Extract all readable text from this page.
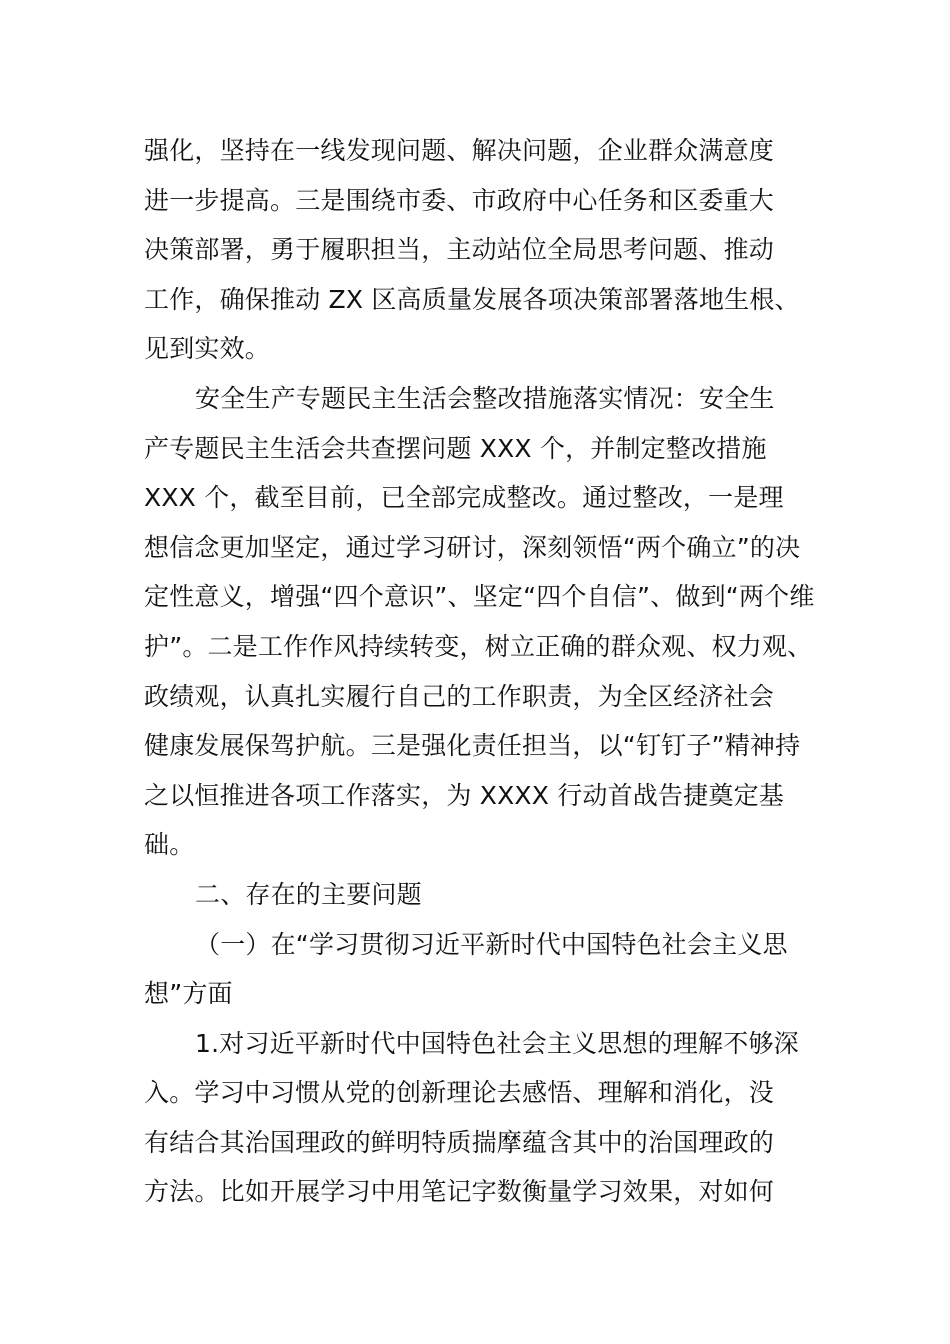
强化，坚持在一线发现问题、解决问题，企业群众满意度
进一步提高。三是围绕市委、市政府中心任务和区委重大
决策部署，勇于履职担当，主动站位全局思考问题、推动
工作，确保推动 ZX 区高质量发展各项决策部署落地生根、
见到实效。
安全生产专题民主生活会整改措施落实情况：安全生
产专题民主生活会共查摆问题 XXX 个，并制定整改措施
XXX 个，截至目前，已全部完成整改。通过整改，一是理
想信念更加坚定，通过学习研讨，深刻领悟“两个确立”的决
定性意义，增强“四个意识”、坚定“四个自信”、做到“两个维
护”。二是工作作风持续转变，树立正确的群众观、权力观、
政绩观，认真扎实履行自己的工作职责，为全区经济社会
健康发展保驾护航。三是强化责任担当，以“钉钉子”精神持
之以恒推进各项工作落实，为 XXXX 行动首战告捷奠定基
础。
二、存在的主要问题
（一）在“学习贯彻习近平新时代中国特色社会主义思
想”方面
1.对习近平新时代中国特色社会主义思想的理解不够深
入。学习中习惯从党的创新理论去感悟、理解和消化，没
有结合其治国理政的鲜明特质揣摩蕴含其中的治国理政的
方法。比如开展学习中用笔记字数衡量学习效果，对如何
